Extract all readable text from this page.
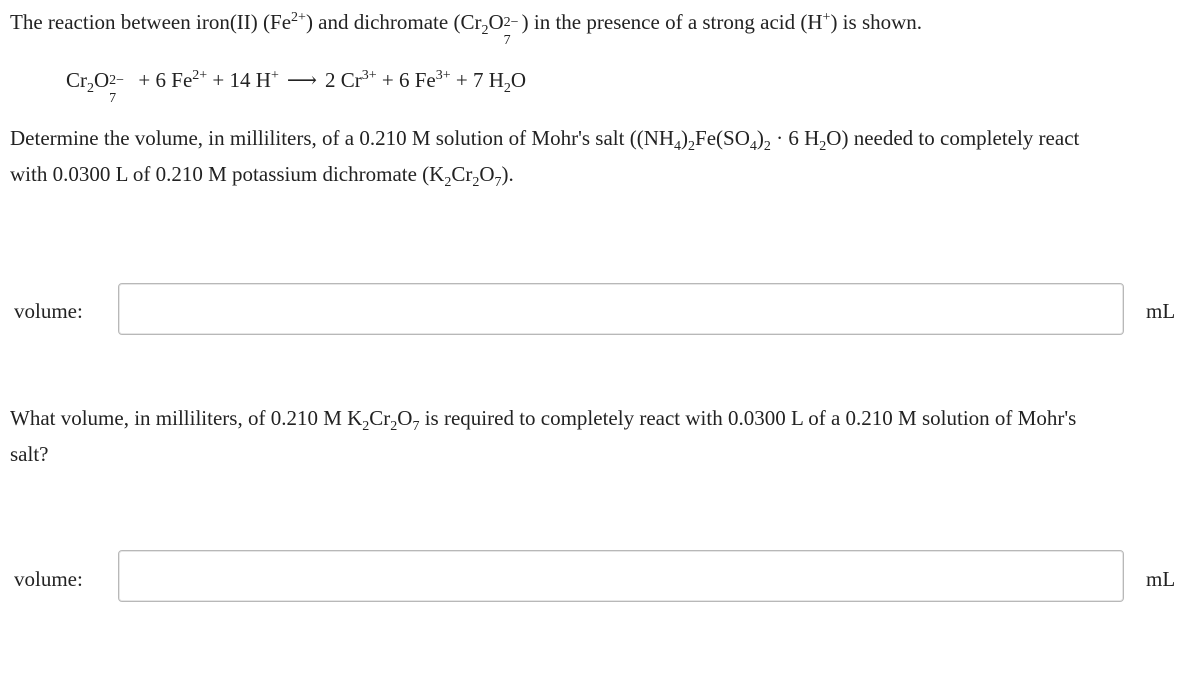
The reaction between iron(II) $(Fe^{2+})$ and dichromate ($Cr_2O$ 2−
7
) in the presence of a strong acid (H+) is shown.
$Cr_2O$ 2−
7
+ 6 $Fe^{2+} + 14$ H+ ⟶ 2 $Cr^{3+} + 6$ $Fe^{3+} + 7$ $H_2O$
Determine the volume, in milliliters, of a 0.210 M solution of Mohr's salt ($(NH_4)_2Fe(SO_4)_2 \cdot 6$ $H_2O$) needed to completely react
with 0.0300 L of 0.210 M potassium dichromate $(K_2Cr_2O_7)$.
volume:	mL
What volume, in milliliters, of 0.210 M $K_2Cr_2O_7$ is required to completely react with 0.0300 L of a 0.210 M solution of Mohr's
salt?
volume:	mL
